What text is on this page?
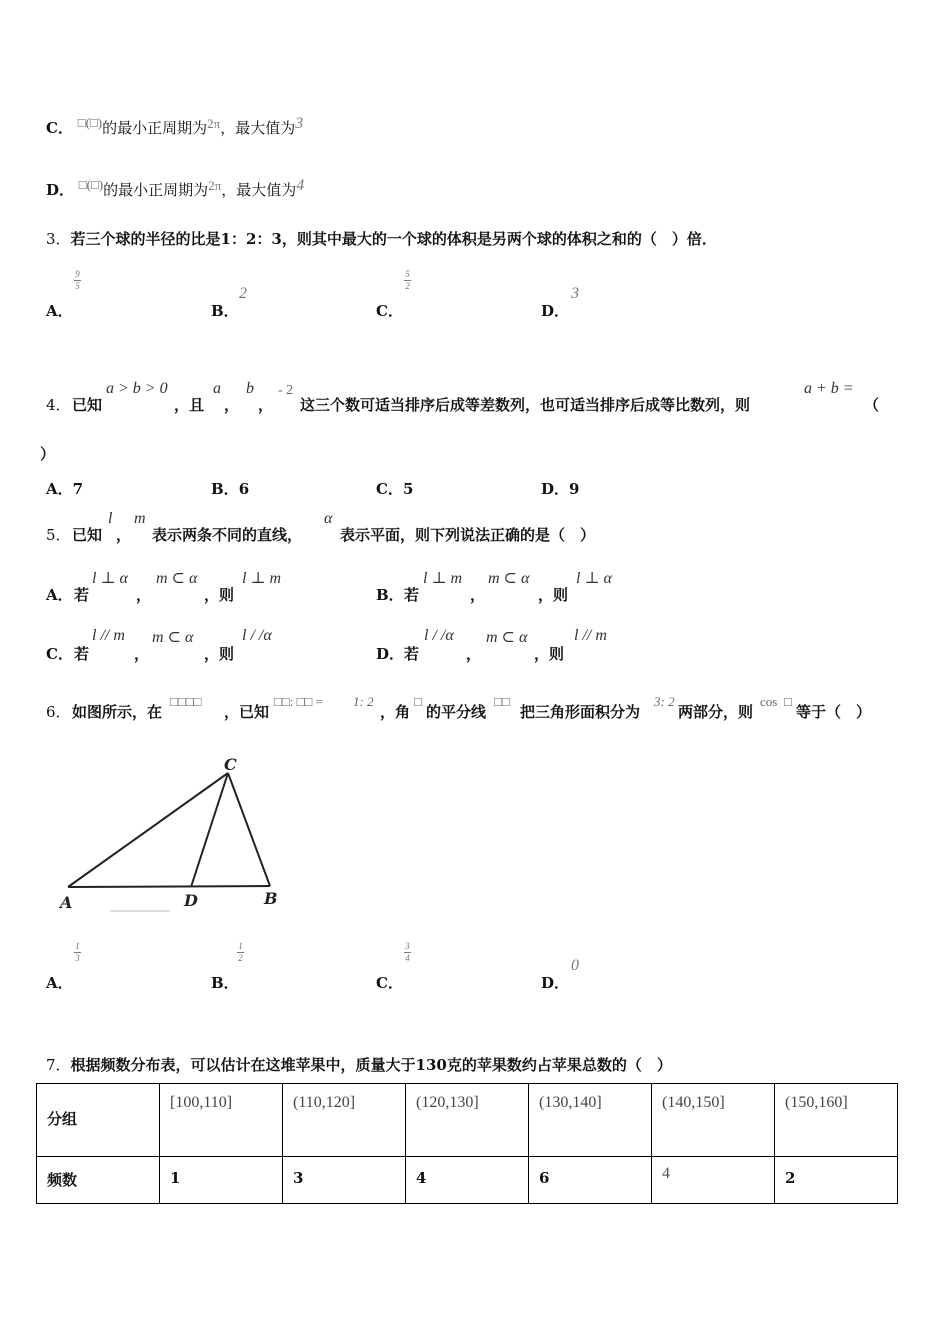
C． □(□)的最小正周期为2π，最大值为3
D． □(□)的最小正周期为2π，最大值为4
3．若三个球的半径的比是1：2：3，则其中最大的一个球的体积是另两个球的体积之和的（　）倍．
A．
9
5
B．
2
C．
5
2
D．
3
4． 已知
a > b > 0
，且
a
，
b
，
- 2
这三个数可适当排序后成等差数列，也可适当排序后成等比数列，则
a + b =
（
）
A．7	B．6	C．5	D．9
5． 已知
l
，
m
表示两条不同的直线，
α
表示平面，则下列说法正确的是（　）
A． 若
l ⊥ α
，
m ⊂ α
，则
l ⊥ m
B． 若
l ⊥ m
，
m ⊂ α
，则
l ⊥ α
C． 若
l // m
，
m ⊂ α
，则
l / /α
D． 若
l / /α
，
m ⊂ α
，则
l // m
6． 如图所示，在
□□□□
，已知
□□: □□ = 1: 2
，角
□
的平分线
□□
把三角形面积分为
3: 2
两部分，则
cos □
等于（　）
C
A	D	B
A．
1
3
B．
1
2
C．
3
4
D．
0
7．根据频数分布表，可以估计在这堆苹果中，质量大于130克的苹果数约占苹果总数的（　）
分组	[100,110]	(110,120]	(120,130]	(130,140]	(140,150]	(150,160]

频数	1	3	4	6	4	2
